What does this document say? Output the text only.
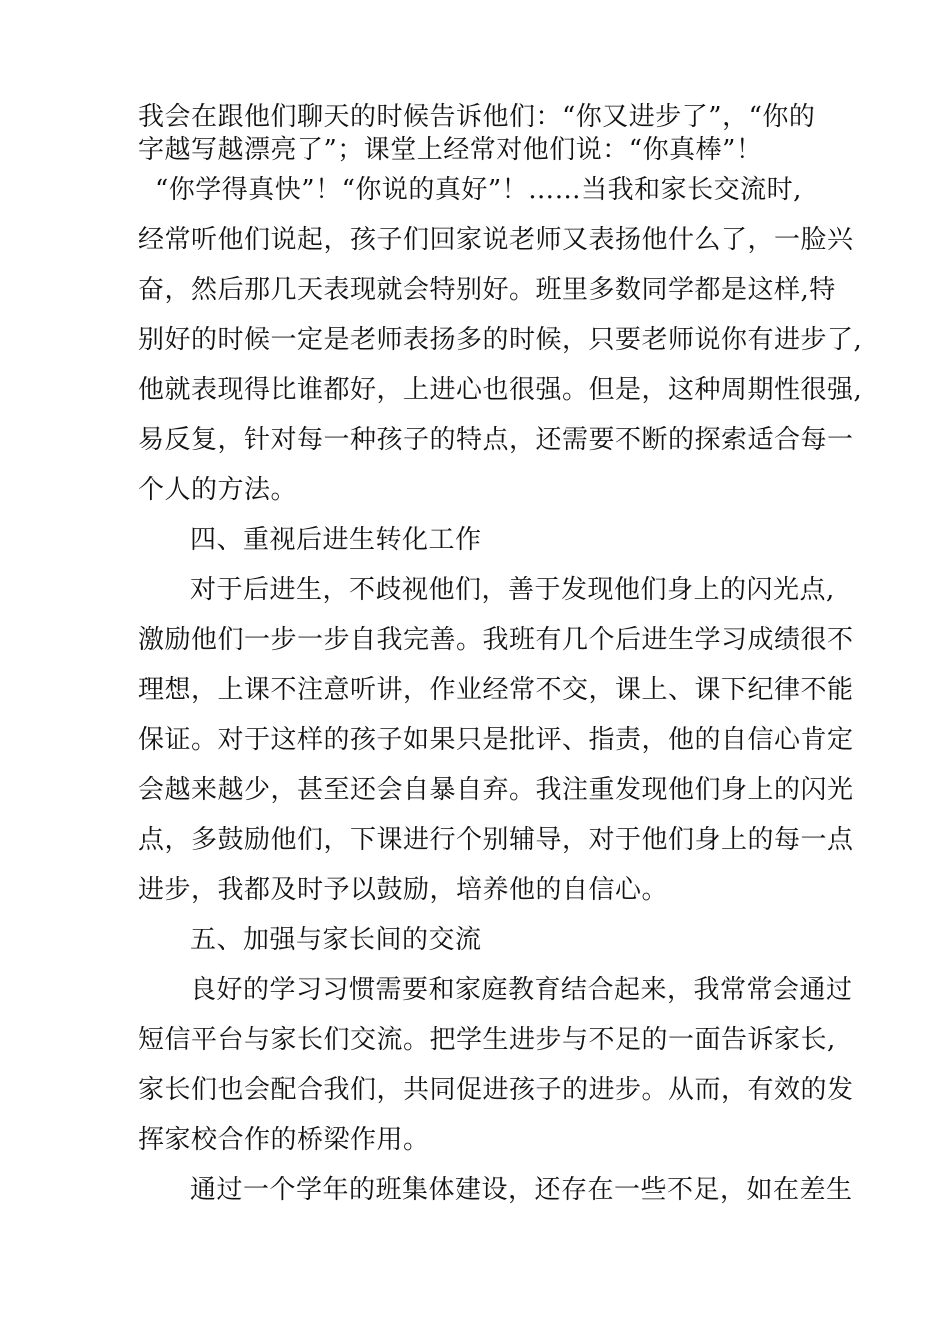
我会在跟他们聊天的时候告诉他们：“你又进步了”，“你的
字越写越漂亮了”；课堂上经常对他们说：“你真棒”！
“你学得真快”！“你说的真好”！……当我和家长交流时,
经常听他们说起，孩子们回家说老师又表扬他什么了，一脸兴
奋，然后那几天表现就会特别好。班里多数同学都是这样,特
别好的时候一定是老师表扬多的时候，只要老师说你有进步了,
他就表现得比谁都好，上进心也很强。但是，这种周期性很强,
易反复，针对每一种孩子的特点，还需要不断的探索适合每一
个人的方法。
四、重视后进生转化工作
对于后进生，不歧视他们，善于发现他们身上的闪光点,
激励他们一步一步自我完善。我班有几个后进生学习成绩很不
理想，上课不注意听讲，作业经常不交，课上、课下纪律不能
保证。对于这样的孩子如果只是批评、指责，他的自信心肯定
会越来越少，甚至还会自暴自弃。我注重发现他们身上的闪光
点，多鼓励他们，下课进行个别辅导，对于他们身上的每一点
进步，我都及时予以鼓励，培养他的自信心。
五、加强与家长间的交流
良好的学习习惯需要和家庭教育结合起来，我常常会通过
短信平台与家长们交流。把学生进步与不足的一面告诉家长,
家长们也会配合我们，共同促进孩子的进步。从而，有效的发
挥家校合作的桥梁作用。
通过一个学年的班集体建设，还存在一些不足，如在差生
